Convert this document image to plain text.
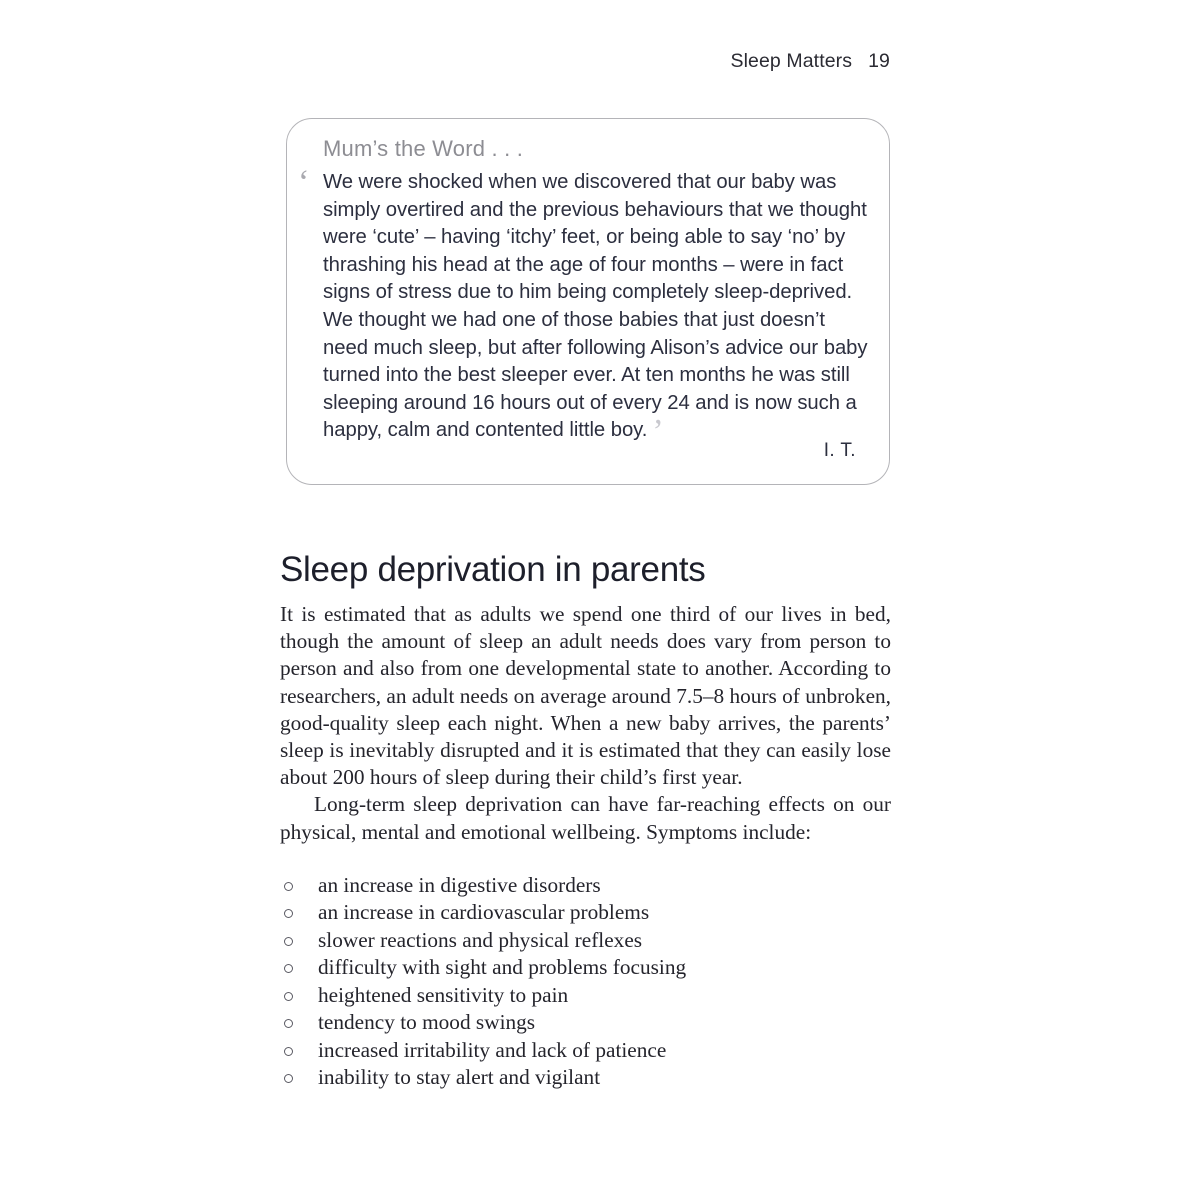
Sleep Matters 19
Mum’s the Word . . .
‘ We were shocked when we discovered that our baby was simply overtired and the previous behaviours that we thought were ‘cute’ – having ‘itchy’ feet, or being able to say ‘no’ by thrashing his head at the age of four months – were in fact signs of stress due to him being completely sleep-deprived. We thought we had one of those babies that just doesn’t need much sleep, but after following Alison’s advice our baby turned into the best sleeper ever. At ten months he was still sleeping around 16 hours out of every 24 and is now such a happy, calm and contented little boy. ’
I. T.
Sleep deprivation in parents

It is estimated that as adults we spend one third of our lives in bed, though the amount of sleep an adult needs does vary from person to person and also from one developmental state to another. According to researchers, an adult needs on average around 7.5–8 hours of unbroken, good-quality sleep each night. When a new baby arrives, the parents’ sleep is inevitably disrupted and it is estimated that they can easily lose about 200 hours of sleep during their child’s first year.

Long-term sleep deprivation can have far-reaching effects on our physical, mental and emotional wellbeing. Symptoms include:

an increase in digestive disorders
an increase in cardiovascular problems
slower reactions and physical reflexes
difficulty with sight and problems focusing
heightened sensitivity to pain
tendency to mood swings
increased irritability and lack of patience
inability to stay alert and vigilant
